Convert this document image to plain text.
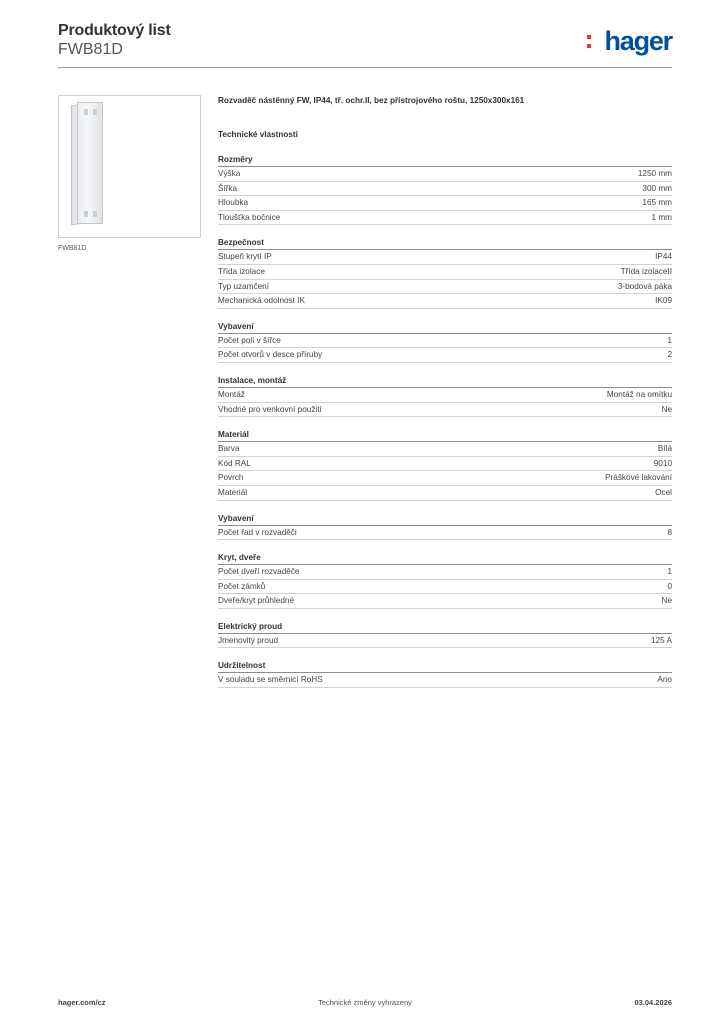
Produktový list
FWB81D	hager
FWB81D
Rozvaděč nástěnný FW, IP44, tř. ochr.II, bez přístrojového roštu, 1250x300x161
Technické vlastnosti
Rozměry
Výška	1250 mm
Šířka	300 mm
Hloubka	165 mm
Tloušťka bočnice	1 mm
Bezpečnost
Stupeň krytí IP	IP44
Třída izolace	Třída izolaceII
Typ uzamčení	3-bodová páka
Mechanická odolnost IK	IK09
Vybavení
Počet polí v šířce	1
Počet otvorů v desce příruby	2
Instalace, montáž
Montáž	Montáž na omítku
Vhodné pro venkovní použití	Ne
Materiál
Barva	Bílá
Kód RAL	9010
Povrch	Práškové lakování
Materiál	Ocel
Vybavení
Počet řad v rozvaděči	8
Kryt, dveře
Počet dveří rozvaděče	1
Počet zámků	0
Dveře/kryt průhledné	Ne
Elektrický proud
Jmenovitý proud	125 A
Udržitelnost
V souladu se směrnicí RoHS	Ano
hager.com/cz	Technické změny vyhrazeny	03.04.2026
